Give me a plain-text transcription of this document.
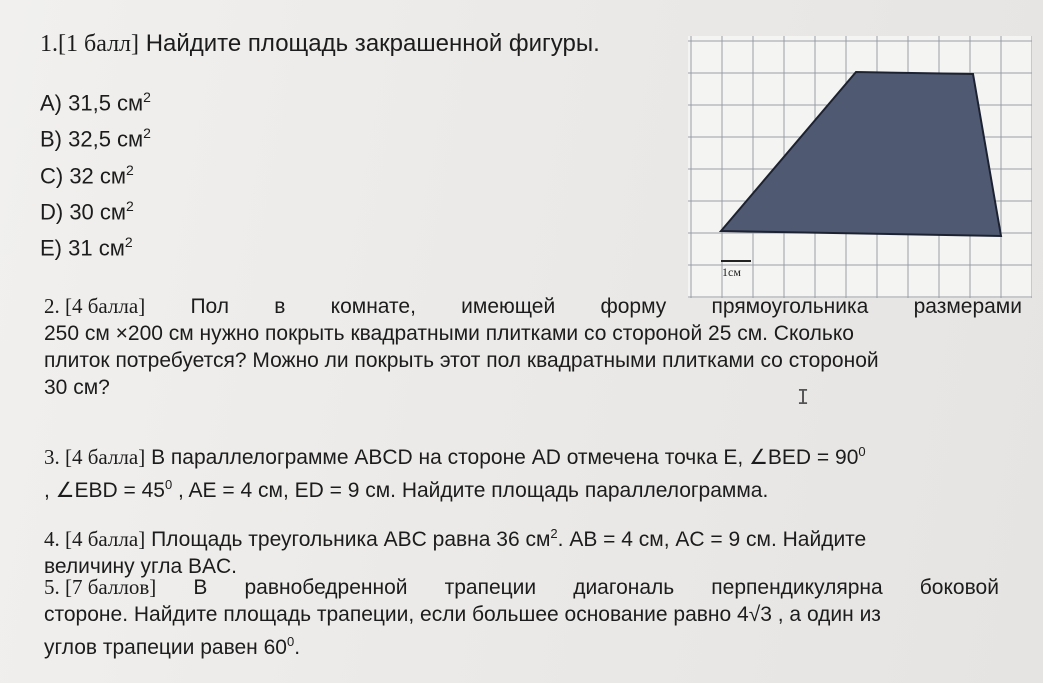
1.[1 балл] Найдите площадь закрашенной фигуры.
А) 31,5 $см^2$
В) 32,5 $см^2$
С) 32 $см^2$
D) 30 $см^2$
E) 31 $см^2$
1см
2. [4 балла] Пол в комнате, имеющей форму прямоугольника размерами
250 см ×200 см нужно покрыть квадратными плитками со стороной 25 см. Сколько
плиток потребуется? Можно ли покрыть этот пол квадратными плитками со стороной
30 см?	I
3. [4 балла] В параллелограмме ABCD на стороне AD отмечена точка E, ∠BED = $90^0$
, ∠EBD = $45^0$ , AE = 4 см, ED = 9 см. Найдите площадь параллелограмма.
4. [4 балла] Площадь треугольника ABC равна 36 $см^2$. AB = 4 см, AC = 9 см. Найдите
величину угла BAC.
5. [7 баллов] В равнобедренной трапеции диагональ перпендикулярна боковой
стороне. Найдите площадь трапеции, если большее основание равно 4√3 , а один из
углов трапеции равен $60^0$.
